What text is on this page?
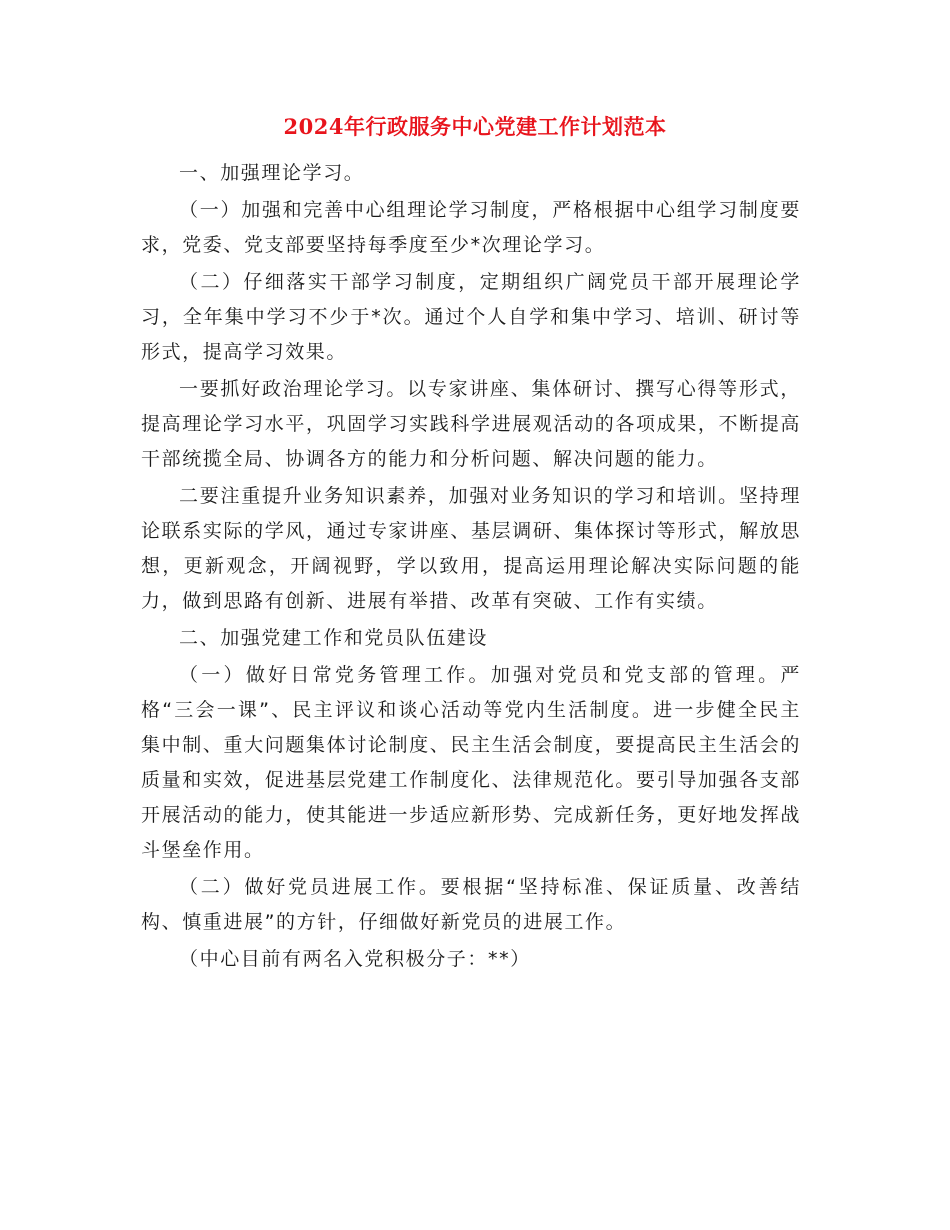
2024年行政服务中心党建工作计划范本

一、加强理论学习。

（一）加强和完善中心组理论学习制度，严格根据中心组学习制度要求，党委、党支部要坚持每季度至少*次理论学习。

（二）仔细落实干部学习制度，定期组织广阔党员干部开展理论学习，全年集中学习不少于*次。通过个人自学和集中学习、培训、研讨等形式，提高学习效果。

一要抓好政治理论学习。以专家讲座、集体研讨、撰写心得等形式，提高理论学习水平，巩固学习实践科学进展观活动的各项成果，不断提高干部统揽全局、协调各方的能力和分析问题、解决问题的能力。

二要注重提升业务知识素养，加强对业务知识的学习和培训。坚持理论联系实际的学风，通过专家讲座、基层调研、集体探讨等形式，解放思想，更新观念，开阔视野，学以致用，提高运用理论解决实际问题的能力，做到思路有创新、进展有举措、改革有突破、工作有实绩。

二、加强党建工作和党员队伍建设

（一）做好日常党务管理工作。加强对党员和党支部的管理。严格“三会一课”、民主评议和谈心活动等党内生活制度。进一步健全民主集中制、重大问题集体讨论制度、民主生活会制度，要提高民主生活会的质量和实效，促进基层党建工作制度化、法律规范化。要引导加强各支部开展活动的能力，使其能进一步适应新形势、完成新任务，更好地发挥战斗堡垒作用。

（二）做好党员进展工作。要根据“坚持标准、保证质量、改善结构、慎重进展”的方针，仔细做好新党员的进展工作。

（中心目前有两名入党积极分子：**）
